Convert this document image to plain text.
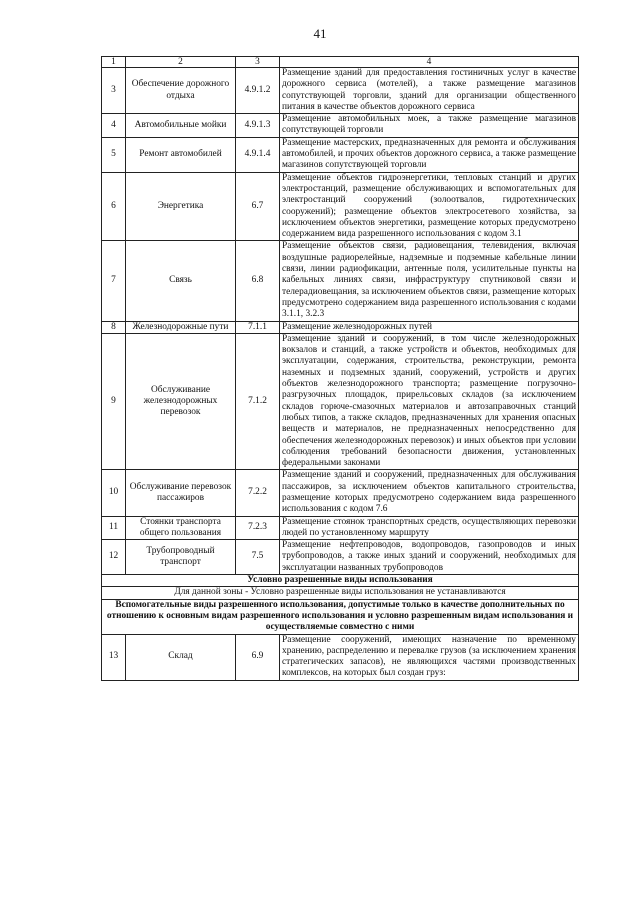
41
1	2	3	4
3	Обеспечение дорожного отдыха	4.9.1.2	Размещение зданий для предоставления гостиничных услуг в качестве дорожного сервиса (мотелей), а также размещение магазинов сопутствующей торговли, зданий для организации общественного питания в качестве объектов дорожного сервиса
4	Автомобильные мойки	4.9.1.3	Размещение автомобильных моек, а также размещение магазинов сопутствующей торговли
5	Ремонт автомобилей	4.9.1.4	Размещение мастерских, предназначенных для ремонта и обслуживания автомобилей, и прочих объектов дорожного сервиса, а также размещение магазинов сопутствующей торговли
6	Энергетика	6.7	Размещение объектов гидроэнергетики, тепловых станций и других электростанций, размещение обслуживающих и вспомогательных для электростанций сооружений (золоотвалов, гидротехнических сооружений); размещение объектов электросетевого хозяйства, за исключением объектов энергетики, размещение которых предусмотрено содержанием вида разрешенного использования с кодом 3.1
7	Связь	6.8	Размещение объектов связи, радиовещания, телевидения, включая воздушные радиорелейные, надземные и подземные кабельные линии связи, линии радиофикации, антенные поля, усилительные пункты на кабельных линиях связи, инфраструктуру спутниковой связи и телерадиовещания, за исключением объектов связи, размещение которых предусмотрено содержанием вида разрешенного использования с кодами 3.1.1, 3.2.3
8	Железнодорожные пути	7.1.1	Размещение железнодорожных путей
9	Обслуживание железнодорожных перевозок	7.1.2	Размещение зданий и сооружений, в том числе железнодорожных вокзалов и станций, а также устройств и объектов, необходимых для эксплуатации, содержания, строительства, реконструкции, ремонта наземных и подземных зданий, сооружений, устройств и других объектов железнодорожного транспорта; размещение погрузочно-разгрузочных площадок, прирельсовых складов (за исключением складов горюче-смазочных материалов и автозаправочных станций любых типов, а также складов, предназначенных для хранения опасных веществ и материалов, не предназначенных непосредственно для обеспечения железнодорожных перевозок) и иных объектов при условии соблюдения требований безопасности движения, установленных федеральными законами
10	Обслуживание перевозок пассажиров	7.2.2	Размещение зданий и сооружений, предназначенных для обслуживания пассажиров, за исключением объектов капитального строительства, размещение которых предусмотрено содержанием вида разрешенного использования с кодом 7.6
11	Стоянки транспорта общего пользования	7.2.3	Размещение стоянок транспортных средств, осуществляющих перевозки людей по установленному маршруту
12	Трубопроводный транспорт	7.5	Размещение нефтепроводов, водопроводов, газопроводов и иных трубопроводов, а также иных зданий и сооружений, необходимых для эксплуатации названных трубопроводов
Условно разрешенные виды использования			
Для данной зоны - Условно разрешенные виды использования не устанавливаются			
Вспомогательные виды разрешенного использования, допустимые только в качестве дополнительных по отношению к основным видам разрешенного использования и условно разрешенным видам использования и осуществляемые совместно с ними			
13	Склад	6.9	Размещение сооружений, имеющих назначение по временному хранению, распределению и перевалке грузов (за исключением хранения стратегических запасов), не являющихся частями производственных комплексов, на которых был создан груз:
